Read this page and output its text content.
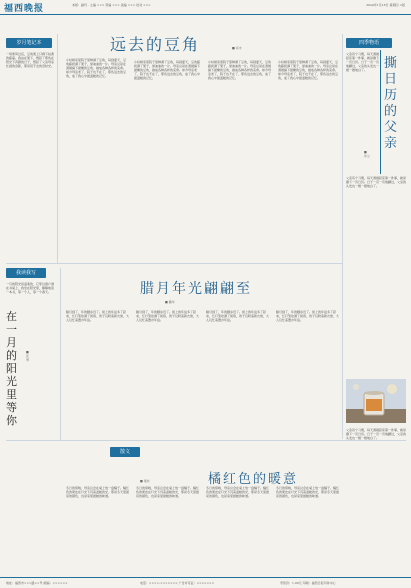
福西晚报	本版：副刊 · 主编 ××× 责编 ××× 美编 ××× 校对 ×××	2024年1月18日 星期四 ×版
岁月笔记本	四季物语
我读我写
散文
远去的豆角	■ 祁丰
撕日历的父亲
■ 许立
腊月年光翩翩至
■ 魏华
在一月的阳光里等你
■ 张琴
橘红色的暖意
■ 秦非
一场寒风过后，豆角架上只剩下枯黄的藤蔓。我站在架下，想起了那些在阳光下奔跑的日子，想起了父亲母亲忙碌的身影，那是回不去的旧时光。
小时候家里院子里种满了豆角，每到夏天，豆角藤爬满了架子，绿油油的一片。母亲总是在清晨摘下最嫩的豆角，做成各种各样的菜肴。如今母亲老了，院子也不在了，那些远去的豆角，成了我心中最温暖的记忆。
小时候家里院子里种满了豆角，每到夏天，豆角藤爬满了架子，绿油油的一片。母亲总是在清晨摘下最嫩的豆角，做成各种各样的菜肴。如今母亲老了，院子也不在了，那些远去的豆角，成了我心中最温暖的记忆。
小时候家里院子里种满了豆角，每到夏天，豆角藤爬满了架子，绿油油的一片。母亲总是在清晨摘下最嫩的豆角，做成各种各样的菜肴。如今母亲老了，院子也不在了，那些远去的豆角，成了我心中最温暖的记忆。
小时候家里院子里种满了豆角，每到夏天，豆角藤爬满了架子，绿油油的一片。母亲总是在清晨摘下最嫩的豆角，做成各种各样的菜肴。如今母亲老了，院子也不在了，那些远去的豆角，成了我心中最温暖的记忆。
父亲有个习惯，每天清晨起床第一件事，就是撕下一页日历。日子一页一页地翻过，父亲的头发也一根一根地白了。
父亲有个习惯，每天清晨起床第一件事，就是撕下一页日历。日子一页一页地翻过，父亲的头发也一根一根地白了。
一月的阳光是温柔的，它穿过窗户洒在书桌上，我坐在阳光里，静静地读一本书，等一个人，等一个春天。
腊月到了，年的脚步近了。街上的年货多了起来，红灯笼挂满了街巷，孩子们盼着新衣裳，大人们忙着置办年货。
腊月到了，年的脚步近了。街上的年货多了起来，红灯笼挂满了街巷，孩子们盼着新衣裳，大人们忙着置办年货。
腊月到了，年的脚步近了。街上的年货多了起来，红灯笼挂满了街巷，孩子们盼着新衣裳，大人们忙着置办年货。
腊月到了，年的脚步近了。街上的年货多了起来，红灯笼挂满了街巷，孩子们盼着新衣裳，大人们忙着置办年货。
父亲有个习惯，每天清晨起床第一件事，就是撕下一页日历。日子一页一页地翻过，父亲的头发也一根一根地白了。
冬日的傍晚，母亲总会在桌上放一盘橘子。橘红色的果皮在灯光下闪着温暖的光，那是冬天里最亮的颜色，也是家里最暖的味道。
冬日的傍晚，母亲总会在桌上放一盘橘子。橘红色的果皮在灯光下闪着温暖的光，那是冬天里最亮的颜色，也是家里最暖的味道。
冬日的傍晚，母亲总会在桌上放一盘橘子。橘红色的果皮在灯光下闪着温暖的光，那是冬天里最亮的颜色，也是家里最暖的味道。
冬日的傍晚，母亲总会在桌上放一盘橘子。橘红色的果皮在灯光下闪着温暖的光，那是冬天里最亮的颜色，也是家里最暖的味道。
地址：福西市×××路××号 邮编：××××××	电话：××××-××××××× 广告许可证：×××××××	零售价：1.00元 印刷：福西日报印务中心
